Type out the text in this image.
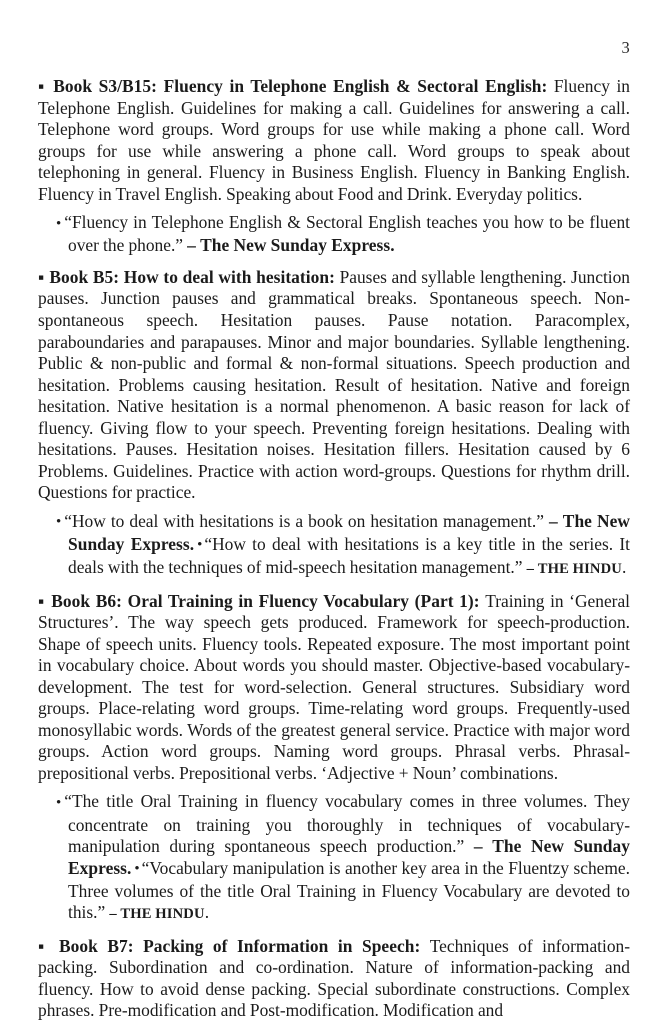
3

▪ Book S3/B15: Fluency in Telephone English & Sectoral English: Fluency in Telephone English. Guidelines for making a call. Guidelines for answering a call. Telephone word groups. Word groups for use while making a phone call. Word groups for use while answering a phone call. Word groups to speak about telephoning in general. Fluency in Business English. Fluency in Banking English. Fluency in Travel English. Speaking about Food and Drink. Everyday politics.

• “Fluency in Telephone English & Sectoral English teaches you how to be fluent over the phone.” – The New Sunday Express.

▪ Book B5: How to deal with hesitation: Pauses and syllable lengthening. Junction pauses. Junction pauses and grammatical breaks. Spontaneous speech. Non-spontaneous speech. Hesitation pauses. Pause notation. Paracomplex, paraboundaries and parapauses. Minor and major boundaries. Syllable lengthening. Public & non-public and formal & non-formal situations. Speech production and hesitation. Problems causing hesitation. Result of hesitation. Native and foreign hesitation. Native hesitation is a normal phenomenon. A basic reason for lack of fluency. Giving flow to your speech. Preventing foreign hesitations. Dealing with hesitations. Pauses. Hesitation noises. Hesitation fillers. Hesitation caused by 6 Problems. Guidelines. Practice with action word-groups. Questions for rhythm drill. Questions for practice.

• “How to deal with hesitations is a book on hesitation management.” – The New Sunday Express. • “How to deal with hesitations is a key title in the series. It deals with the techniques of mid-speech hesitation management.” – THE HINDU.

▪ Book B6: Oral Training in Fluency Vocabulary (Part 1): Training in ‘General Structures’. The way speech gets produced. Framework for speech-production. Shape of speech units. Fluency tools. Repeated exposure. The most important point in vocabulary choice. About words you should master. Objective-based vocabulary-development. The test for word-selection. General structures. Subsidiary word groups. Place-relating word groups. Time-relating word groups. Frequently-used monosyllabic words. Words of the greatest general service. Practice with major word groups. Action word groups. Naming word groups. Phrasal verbs. Phrasal-prepositional verbs. Prepositional verbs. ‘Adjective + Noun’ combinations.

• “The title Oral Training in fluency vocabulary comes in three volumes. They concentrate on training you thoroughly in techniques of vocabulary-manipulation during spontaneous speech production.” – The New Sunday Express. • “Vocabulary manipulation is another key area in the Fluentzy scheme. Three volumes of the title Oral Training in Fluency Vocabulary are devoted to this.” – THE HINDU.

▪ Book B7: Packing of Information in Speech: Techniques of information-packing. Subordination and co-ordination. Nature of information-packing and fluency. How to avoid dense packing. Special subordinate constructions. Complex phrases. Pre-modification and Post-modification. Modification and
